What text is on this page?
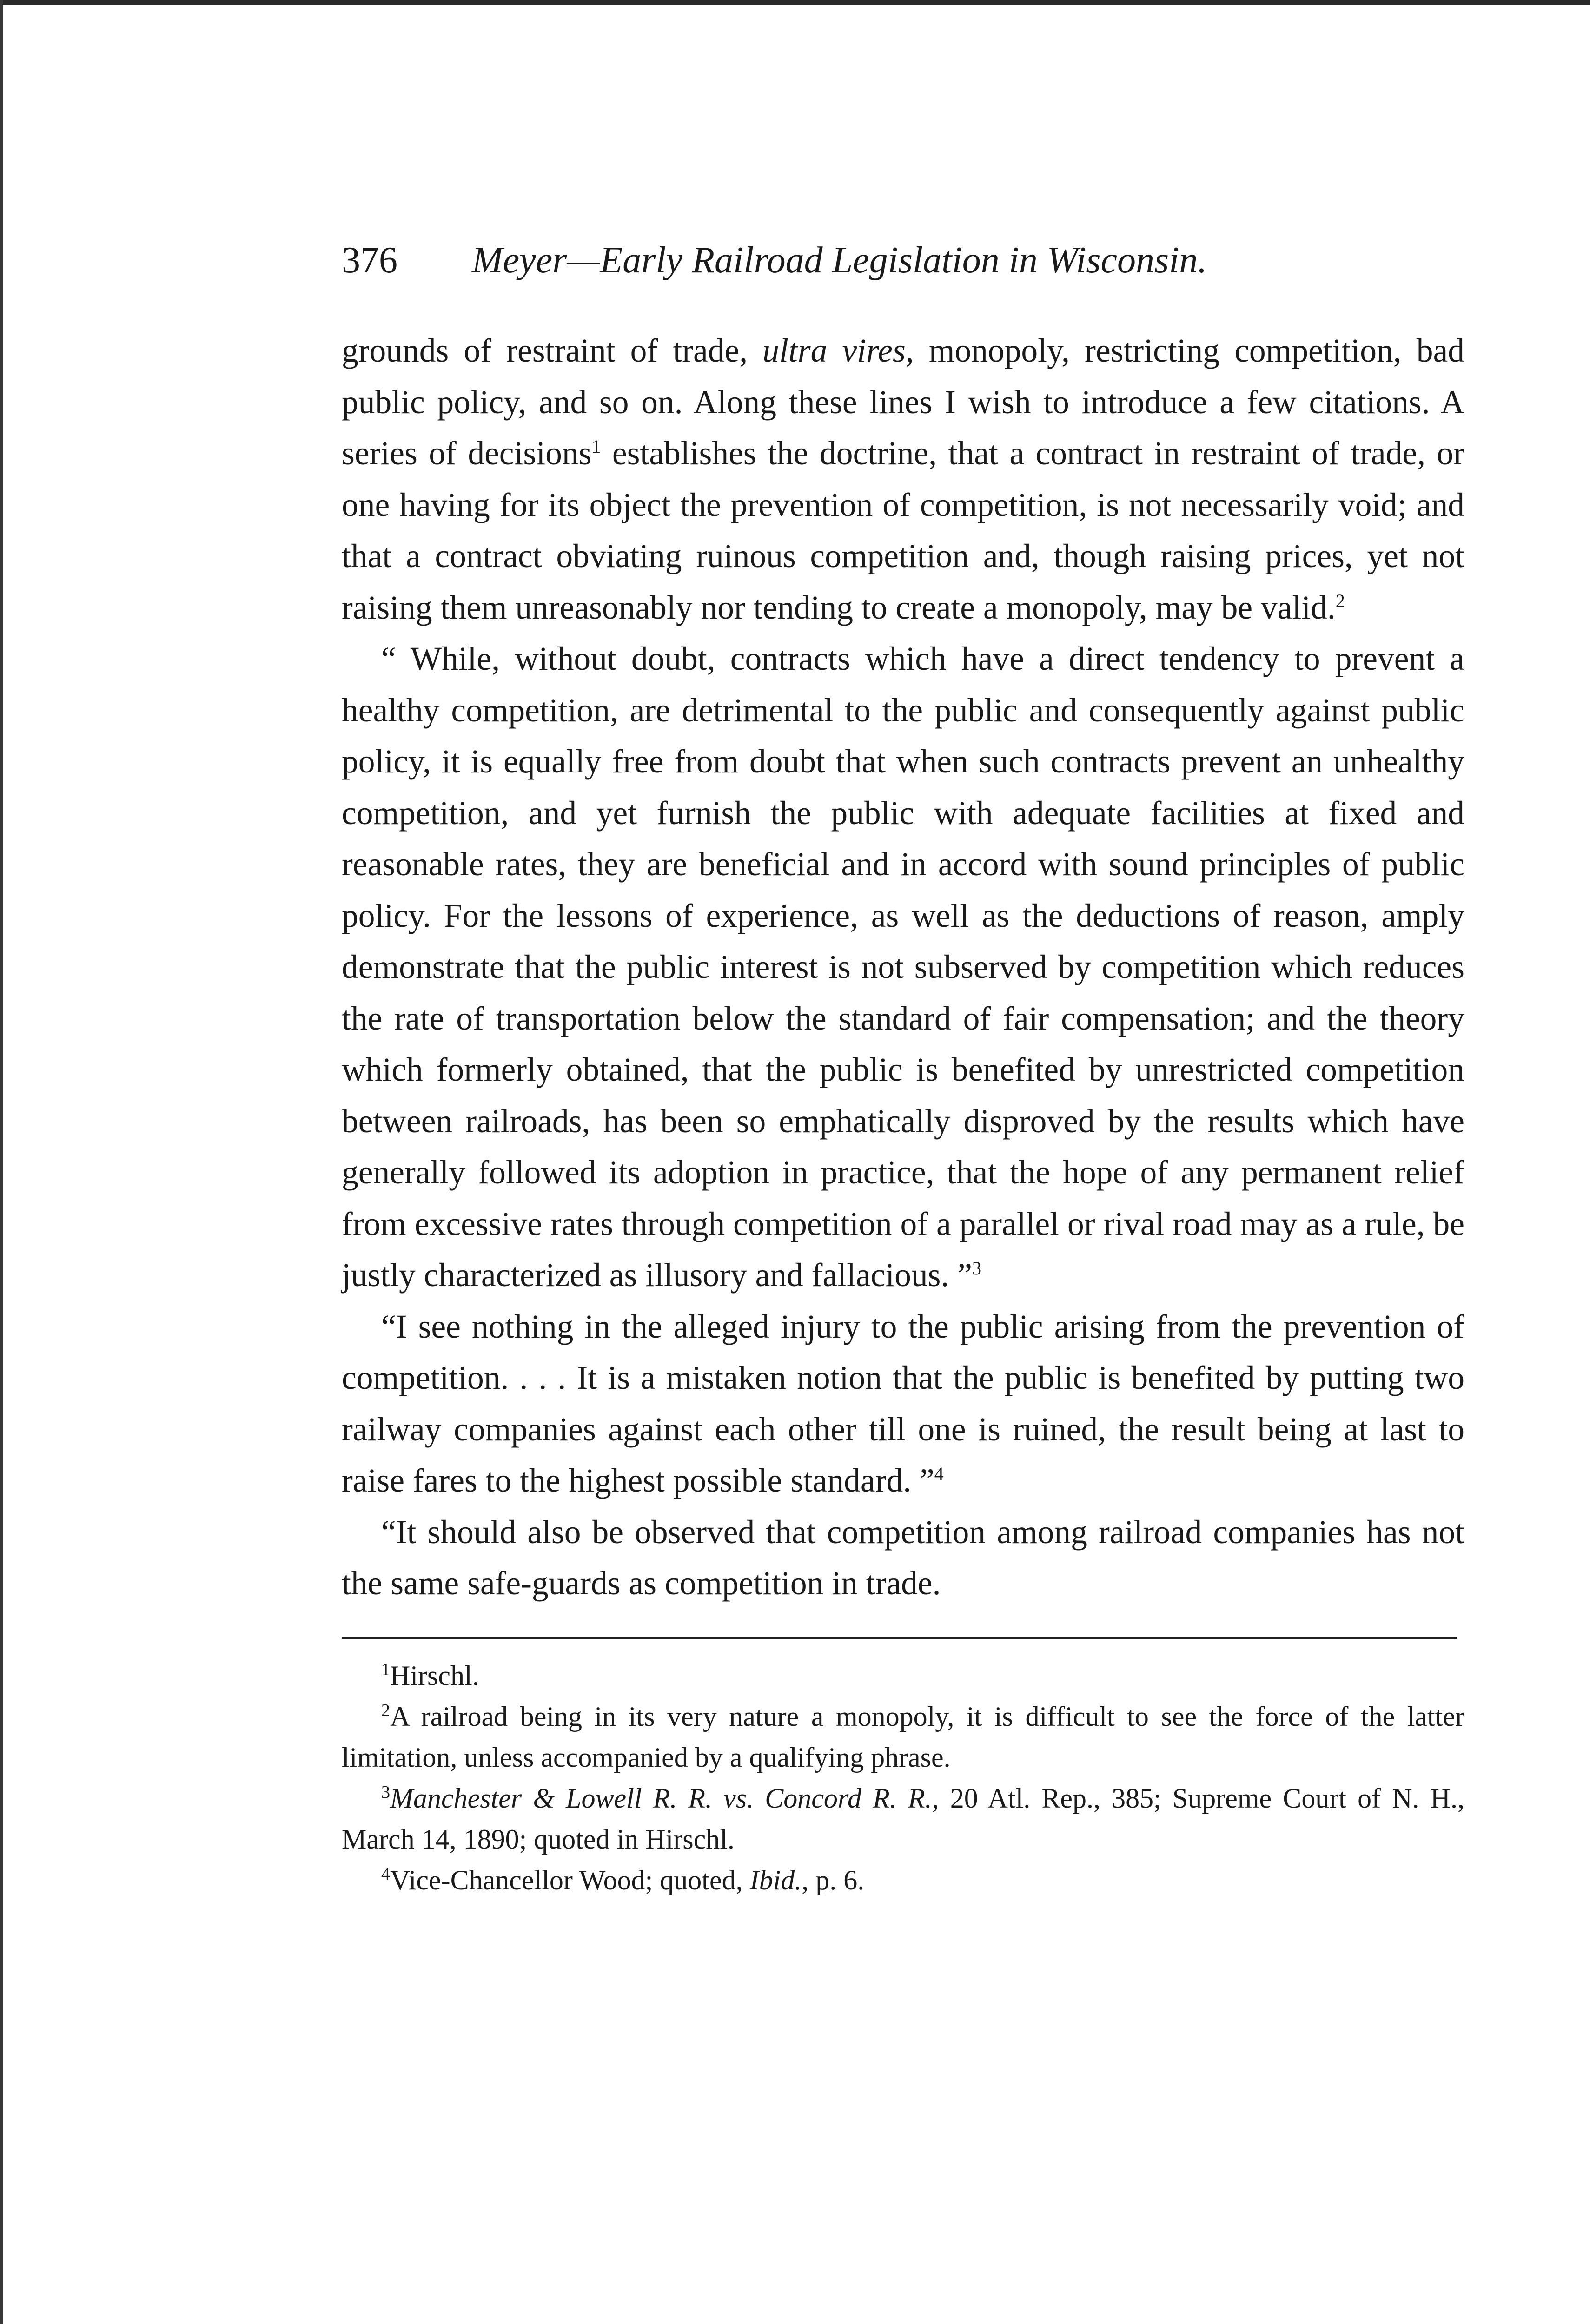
376	Meyer—Early Railroad Legislation in Wisconsin.

grounds of restraint of trade, ultra vires, monopoly, restricting competition, bad public policy, and so on. Along these lines I wish to introduce a few citations. A series of decisions$^1$ establishes the doctrine, that a contract in restraint of trade, or one having for its object the prevention of competition, is not necessarily void; and that a contract obviating ruinous competition and, though raising prices, yet not raising them unreasonably nor tending to create a monopoly, may be valid.$^2$

“ While, without doubt, contracts which have a direct tendency to prevent a healthy competition, are detrimental to the public and consequently against public policy, it is equally free from doubt that when such contracts prevent an unhealthy competition, and yet furnish the public with adequate facilities at fixed and reasonable rates, they are beneficial and in accord with sound principles of public policy. For the lessons of experience, as well as the deductions of reason, amply demonstrate that the public interest is not subserved by competition which reduces the rate of transportation below the standard of fair compensation; and the theory which formerly obtained, that the public is benefited by unrestricted competition between railroads, has been so emphatically disproved by the results which have generally followed its adoption in practice, that the hope of any permanent relief from excessive rates through competition of a parallel or rival road may as a rule, be justly characterized as illusory and fallacious. ”$^3$

“I see nothing in the alleged injury to the public arising from the prevention of competition. . . . It is a mistaken notion that the public is benefited by putting two railway companies against each other till one is ruined, the result being at last to raise fares to the highest possible standard. ”$^4$

“It should also be observed that competition among railroad companies has not the same safe-guards as competition in trade.

$^1$Hirschl.

$^2$A railroad being in its very nature a monopoly, it is difficult to see the force of the latter limitation, unless accompanied by a qualifying phrase.

$^3$Manchester & Lowell R. R. vs. Concord R. R., 20 Atl. Rep., 385; Supreme Court of N. H., March 14, 1890; quoted in Hirschl.

$^4$Vice-Chancellor Wood; quoted, Ibid., p. 6.
